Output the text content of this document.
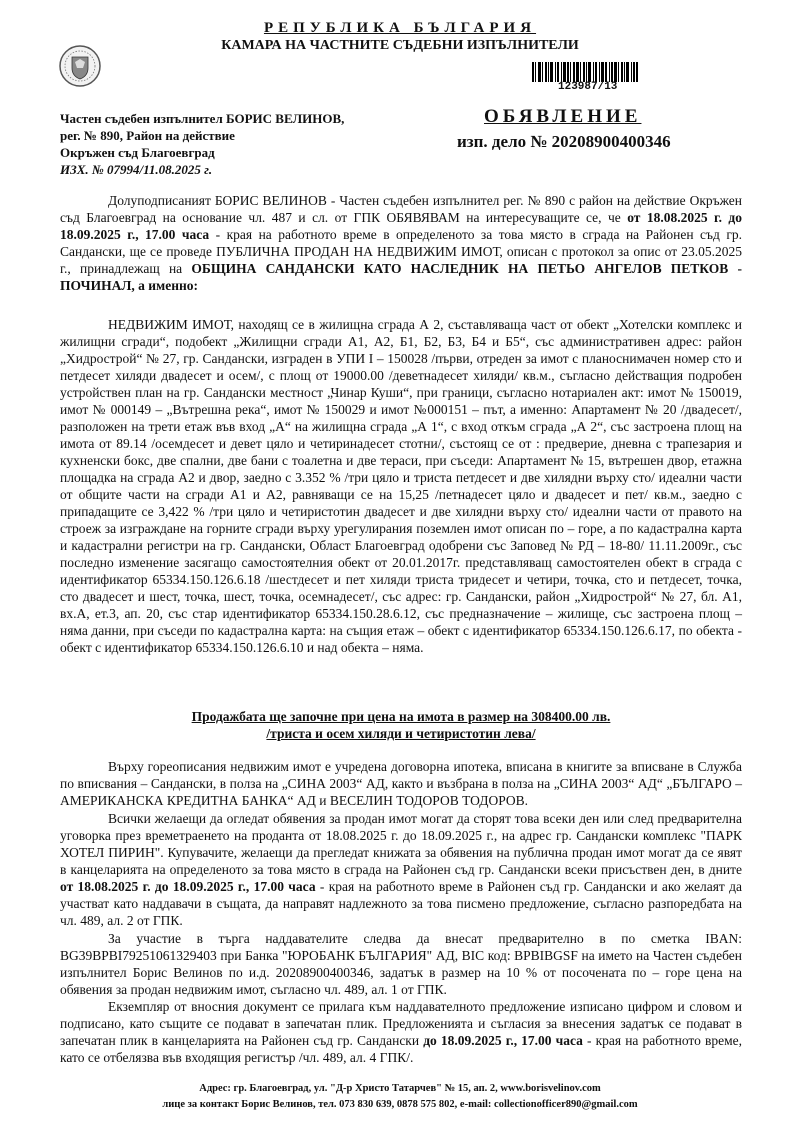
РЕПУБЛИКА БЪЛГАРИЯ
КАМАРА НА ЧАСТНИТЕ СЪДЕБНИ ИЗПЪЛНИТЕЛИ
123987/13
Частен съдебен изпълнител БОРИС ВЕЛИНОВ,
рег. № 890, Район на действие
Окръжен съд Благоевград
ИЗХ. № 07994/11.08.2025 г.
ОБЯВЛЕНИЕ
изп. дело № 20208900400346
Долуподписаният БОРИС ВЕЛИНОВ - Частен съдебен изпълнител рег. № 890 с район на действие Окръжен съд Благоевград на основание чл. 487 и сл. от ГПК ОБЯВЯВАМ на интересуващите се, че от 18.08.2025 г. до 18.09.2025 г., 17.00 часа - края на работното време в определеното за това място в сграда на Районен съд гр. Сандански, ще се проведе ПУБЛИЧНА ПРОДАН НА НЕДВИЖИМ ИМОТ, описан с протокол за опис от 23.05.2025 г., принадлежащ на ОБЩИНА САНДАНСКИ КАТО НАСЛЕДНИК НА ПЕТЬО АНГЕЛОВ ПЕТКОВ - ПОЧИНАЛ, а именно:
НЕДВИЖИМ ИМОТ, находящ се в жилищна сграда А 2, съставляваща част от обект „Хотелски комплекс и жилищни сгради“, подобект „Жилищни сгради А1, А2, Б1, Б2, Б3, Б4 и Б5“, със административен адрес: район „Хидрострой“ № 27, гр. Сандански, изграден в УПИ I – 150028 /първи, отреден за имот с планоснимачен номер сто и петдесет хиляди двадесет и осем/, с площ от 19000.00 /деветнадесет хиляди/ кв.м., съгласно действащия подробен устройствен план на гр. Сандански местност „Чинар Куши“, при граници, съгласно нотариален акт: имот № 150019, имот № 000149 – „Вътрешна река“, имот № 150029 и имот №000151 – път, а именно: Апартамент № 20 /двадесет/, разположен на трети етаж във вход „А“ на жилищна сграда „А 1“, с вход откъм сграда „А 2“, със застроена площ на имота от 89.14 /осемдесет и девет цяло и четиринадесет стотни/, състоящ се от : предверие, дневна с трапезария и кухненски бокс, две спални, две бани с тоалетна и две тераси, при съседи: Апартамент № 15, вътрешен двор, етажна площадка на сграда А2 и двор, заедно с 3.352 % /три цяло и триста петдесет и две хилядни върху сто/ идеални части от общите части на сгради А1 и А2, равняващи се на 15,25 /петнадесет цяло и двадесет и пет/ кв.м., заедно с припадащите се 3,422 % /три цяло и четиристотин двадесет и две хилядни върху сто/ идеални части от правото на строеж за изграждане на горните сгради върху урегулирания поземлен имот описан по – горе, а по кадастрална карта и кадастрални регистри на гр. Сандански, Област Благоевград одобрени със Заповед № РД – 18-80/ 11.11.2009г., със последно изменение засягащо самостоятелния обект от 20.01.2017г. представляващ самостоятелен обект в сграда с идентификатор 65334.150.126.6.18 /шестдесет и пет хиляди триста тридесет и четири, точка, сто и петдесет, точка, сто двадесет и шест, точка, шест, точка, осемнадесет/, със адрес: гр. Сандански, район „Хидрострой“ № 27, бл. А1, вх.А, ет.3, ап. 20, със стар идентификатор 65334.150.28.6.12, със предназначение – жилище, със застроена площ – няма данни, при съседи по кадастрална карта: на същия етаж – обект с идентификатор 65334.150.126.6.17, по обекта - обект с идентификатор 65334.150.126.6.10 и над обекта – няма.
Продажбата ще започне при цена на имота в размер на 308400.00 лв.
/триста и осем хиляди и четиристотин лева/
Върху гореописания недвижим имот е учредена договорна ипотека, вписана в книгите за вписване в Служба по вписвания – Сандански, в полза на „СИНА 2003“ АД, както и възбрана в полза на „СИНА 2003“ АД“ „БЪЛГАРО – АМЕРИКАНСКА КРЕДИТНА БАНКА“ АД и ВЕСЕЛИН ТОДОРОВ ТОДОРОВ.
Всички желаещи да огледат обявения за продан имот могат да сторят това всеки ден или след предварителна уговорка през времетраенето на проданта от 18.08.2025 г. до 18.09.2025 г., на адрес гр. Сандански комплекс "ПАРК ХОТЕЛ ПИРИН". Купувачите, желаещи да прегледат книжата за обявения на публична продан имот могат да се явят в канцеларията на определеното за това място в сграда на Районен съд гр. Сандански всеки присъствен ден, в дните от 18.08.2025 г. до 18.09.2025 г., 17.00 часа - края на работното време в Районен съд гр. Сандански и ако желаят да участват като наддавачи в същата, да направят надлежното за това писмено предложение, съгласно разпоредбата на чл. 489, ал. 2 от ГПК.
За участие в търга наддавателите следва да внесат предварително в по сметка IBAN: BG39BPBI79251061329403 при Банка "ЮРОБАНК БЪЛГАРИЯ" АД, BIC код: BPBIBGSF на името на Частен съдебен изпълнител Борис Велинов по и.д. 20208900400346, задатък в размер на 10 % от посочената по – горе цена на обявения за продан недвижим имот, съгласно чл. 489, ал. 1 от ГПК.
Екземпляр от вносния документ се прилага към наддавателното предложение изписано цифром и словом и подписано, като същите се подават в запечатан плик. Предложенията и съгласия за внесения задатък се подават в запечатан плик в канцеларията на Районен съд гр. Сандански до 18.09.2025 г., 17.00 часа - края на работното време, като се отбелязва във входящия регистър /чл. 489, ал. 4 ГПК/.
Адрес: гр. Благоевград, ул. "Д-р Христо Татарчев" № 15, ап. 2, www.borisvelinov.com
лице за контакт Борис Велинов, тел. 073 830 639, 0878 575 802, e-mail: collectionofficer890@gmail.com
